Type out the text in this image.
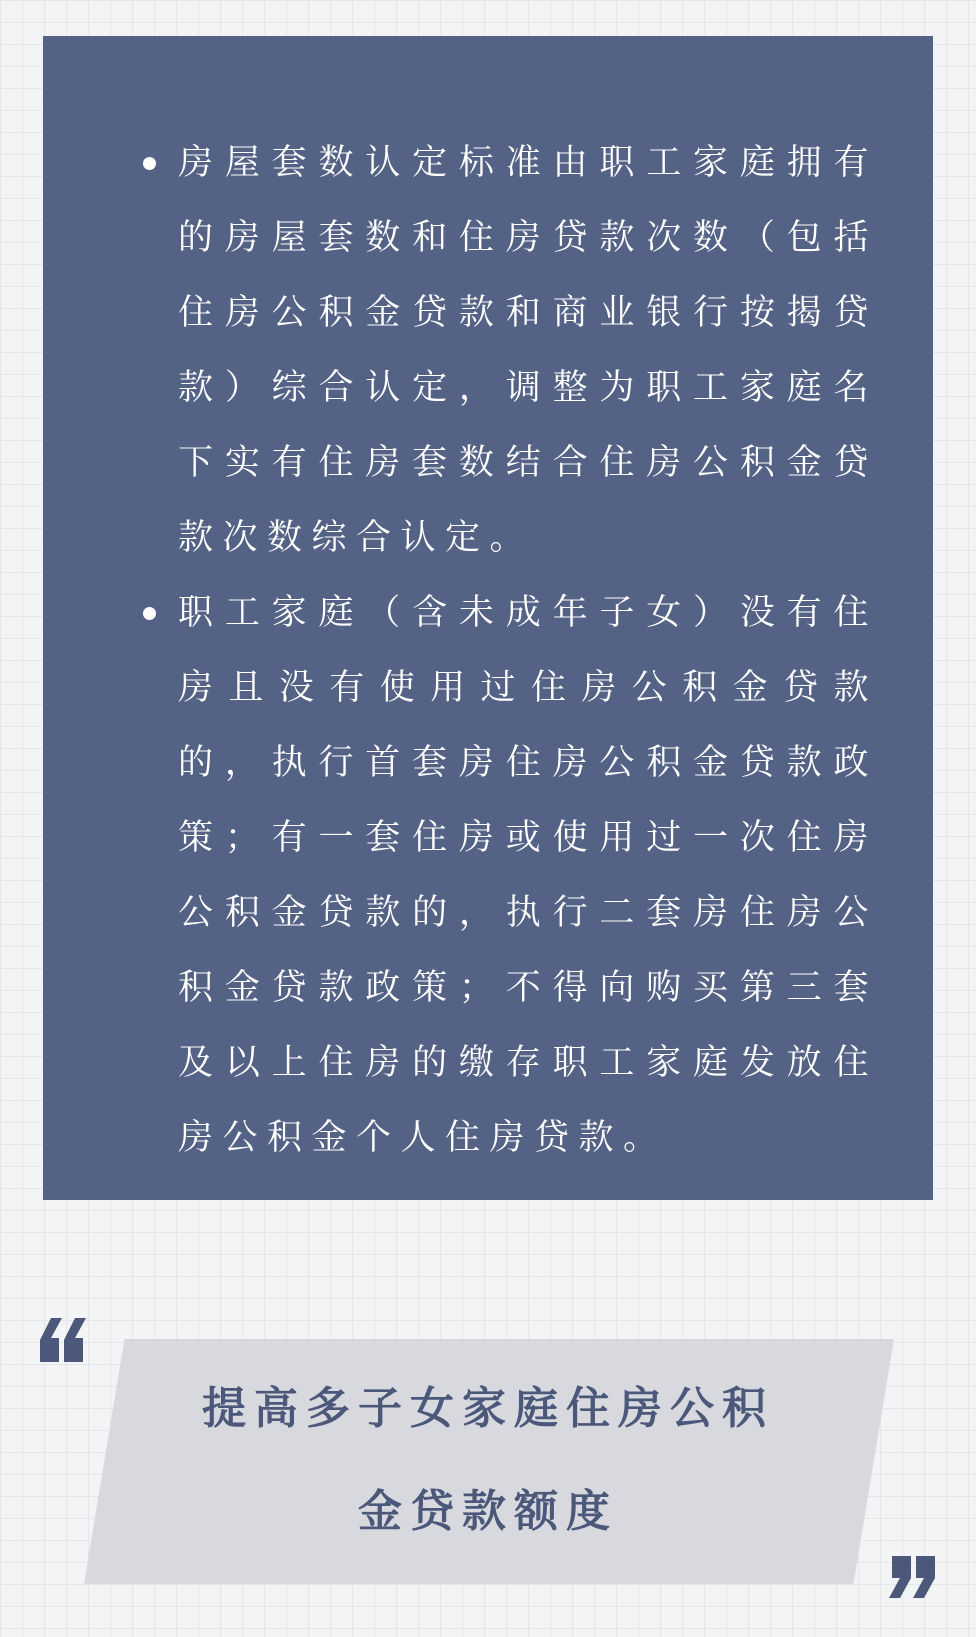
房屋套数认定标准由职工家庭拥有的房屋套数和住房贷款次数（包括住房公积金贷款和商业银行按揭贷款）综合认定，调整为职工家庭名下实有住房套数结合住房公积金贷款次数综合认定。
职工家庭（含未成年子女）没有住房且没有使用过住房公积金贷款的，执行首套房住房公积金贷款政策；有一套住房或使用过一次住房公积金贷款的，执行二套房住房公积金贷款政策；不得向购买第三套及以上住房的缴存职工家庭发放住房公积金个人住房贷款。
提高多子女家庭住房公积
金贷款额度
